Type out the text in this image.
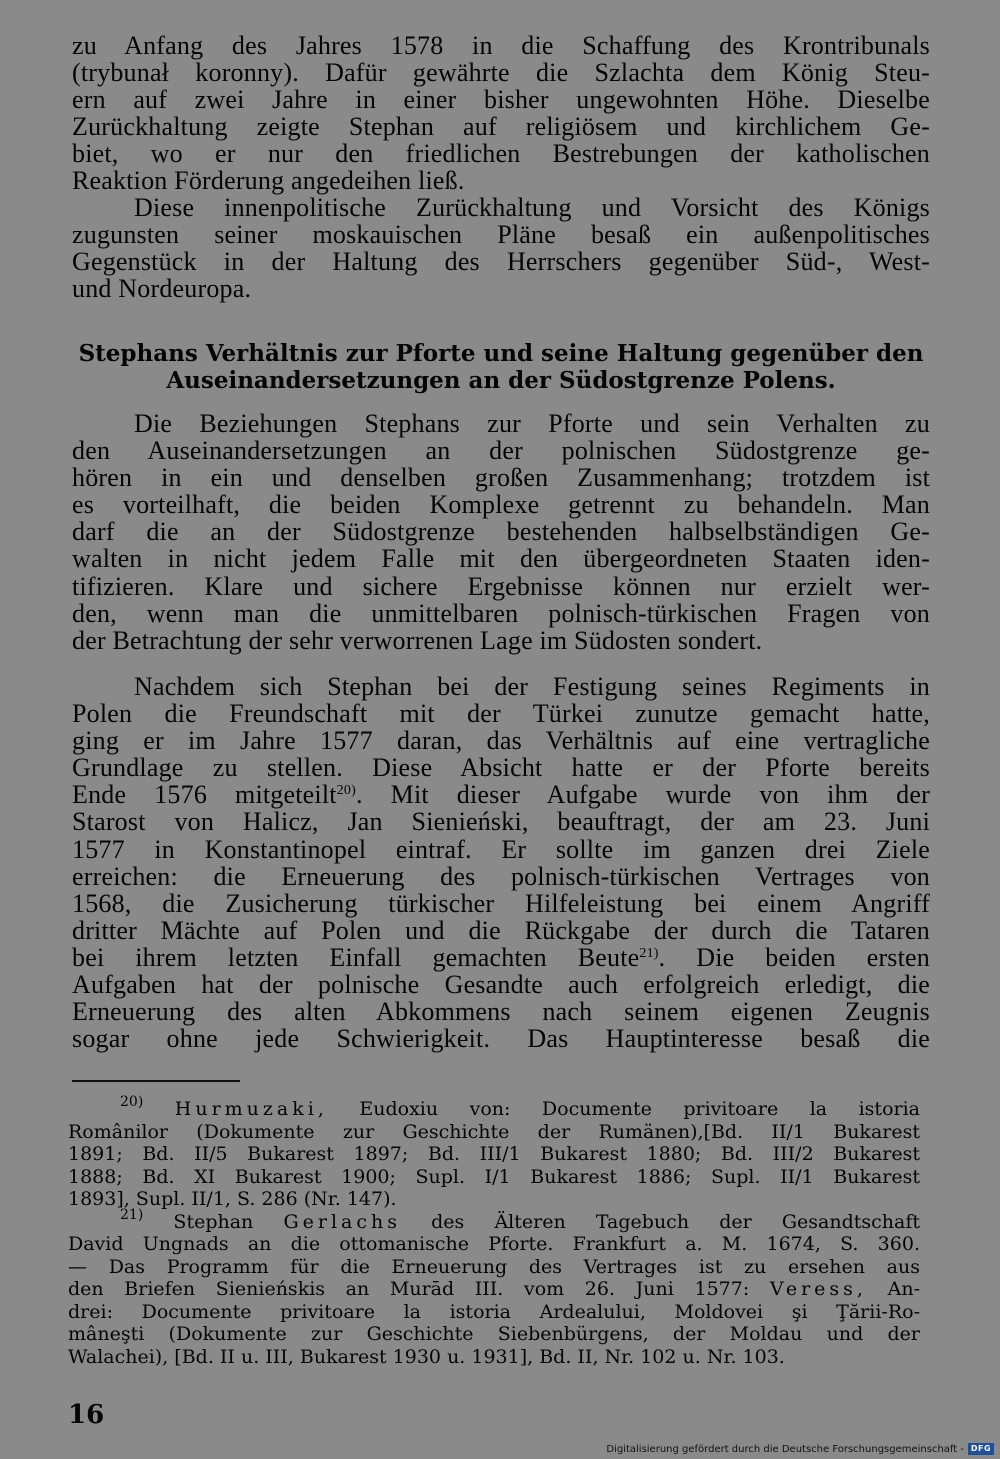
zu Anfang des Jahres 1578 in die Schaffung des Krontribunals
(trybunał koronny). Dafür gewährte die Szlachta dem König Steu-
ern auf zwei Jahre in einer bisher ungewohnten Höhe. Dieselbe
Zurückhaltung zeigte Stephan auf religiösem und kirchlichem Ge-
biet, wo er nur den friedlichen Bestrebungen der katholischen
Reaktion Förderung angedeihen ließ.
Diese innenpolitische Zurückhaltung und Vorsicht des Königs
zugunsten seiner moskauischen Pläne besaß ein außenpolitisches
Gegenstück in der Haltung des Herrschers gegenüber Süd-, West-
und Nordeuropa.
Stephans Verhältnis zur Pforte und seine Haltung gegenüber den
Auseinandersetzungen an der Südostgrenze Polens.
Die Beziehungen Stephans zur Pforte und sein Verhalten zu
den Auseinandersetzungen an der polnischen Südostgrenze ge-
hören in ein und denselben großen Zusammenhang; trotzdem ist
es vorteilhaft, die beiden Komplexe getrennt zu behandeln. Man
darf die an der Südostgrenze bestehenden halbselbständigen Ge-
walten in nicht jedem Falle mit den übergeordneten Staaten iden-
tifizieren. Klare und sichere Ergebnisse können nur erzielt wer-
den, wenn man die unmittelbaren polnisch-türkischen Fragen von
der Betrachtung der sehr verworrenen Lage im Südosten sondert.
Nachdem sich Stephan bei der Festigung seines Regiments in
Polen die Freundschaft mit der Türkei zunutze gemacht hatte,
ging er im Jahre 1577 daran, das Verhältnis auf eine vertragliche
Grundlage zu stellen. Diese Absicht hatte er der Pforte bereits
Ende 1576 mitgeteilt$^{20)}$. Mit dieser Aufgabe wurde von ihm der
Starost von Halicz, Jan Sienieński, beauftragt, der am 23. Juni
1577 in Konstantinopel eintraf. Er sollte im ganzen drei Ziele
erreichen: die Erneuerung des polnisch-türkischen Vertrages von
1568, die Zusicherung türkischer Hilfeleistung bei einem Angriff
dritter Mächte auf Polen und die Rückgabe der durch die Tataren
bei ihrem letzten Einfall gemachten Beute$^{21)}$. Die beiden ersten
Aufgaben hat der polnische Gesandte auch erfolgreich erledigt, die
Erneuerung des alten Abkommens nach seinem eigenen Zeugnis
sogar ohne jede Schwierigkeit. Das Hauptinteresse besaß die
$^{20)}$ Hurmuzaki, Eudoxiu von: Documente privitoare la istoria
Românilor (Dokumente zur Geschichte der Rumänen),[Bd. II/1 Bukarest
1891; Bd. II/5 Bukarest 1897; Bd. III/1 Bukarest 1880; Bd. III/2 Bukarest
1888; Bd. XI Bukarest 1900; Supl. I/1 Bukarest 1886; Supl. II/1 Bukarest
1893], Supl. II/1, S. 286 (Nr. 147).
$^{21)}$ Stephan Gerlachs des Älteren Tagebuch der Gesandtschaft
David Ungnads an die ottomanische Pforte. Frankfurt a. M. 1674, S. 360.
— Das Programm für die Erneuerung des Vertrages ist zu ersehen aus
den Briefen Sienieńskis an Murād III. vom 26. Juni 1577: Veress, An-
drei: Documente privitoare la istoria Ardealului, Moldovei şi Ţării-Ro-
mâneşti (Dokumente zur Geschichte Siebenbürgens, der Moldau und der
Walachei), [Bd. II u. III, Bukarest 1930 u. 1931], Bd. II, Nr. 102 u. Nr. 103.
16
Digitalisierung gefördert durch die Deutsche Forschungsgemeinschaft - DFG
